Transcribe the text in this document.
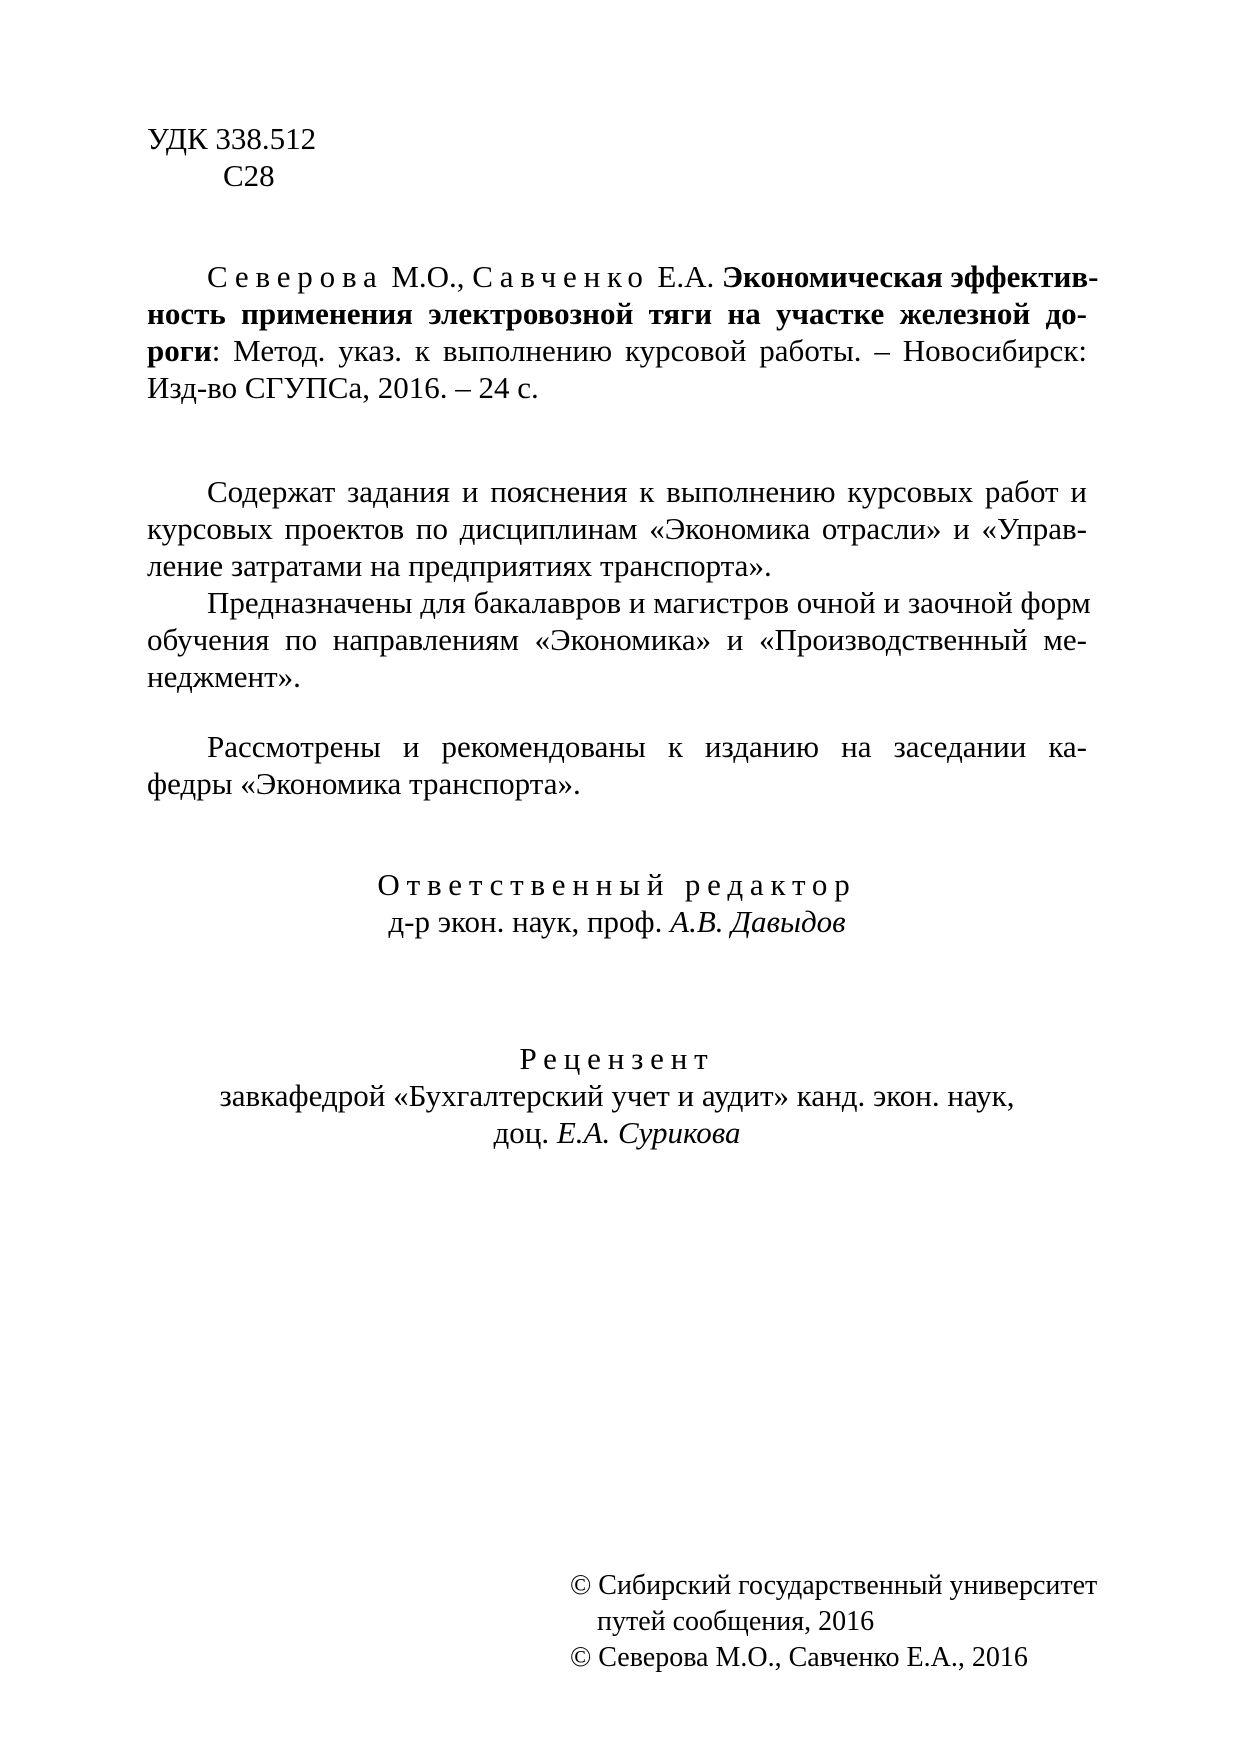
УДК 338.512
С28
Северова М.О., Савченко Е.А. Экономическая эффектив-
ность применения электровозной тяги на участке железной до-
роги: Метод. указ. к выполнению курсовой работы. – Новосибирск:
Изд-во СГУПСа, 2016. – 24 с.
Содержат задания и пояснения к выполнению курсовых работ и
курсовых проектов по дисциплинам «Экономика отрасли» и «Управ-
ление затратами на предприятиях транспорта».
Предназначены для бакалавров и магистров очной и заочной форм
обучения по направлениям «Экономика» и «Производственный ме-
неджмент».
Рассмотрены и рекомендованы к изданию на заседании ка-
федры «Экономика транспорта».
Ответственный редактор
д-р экон. наук, проф. А.В. Давыдов
Рецензент
завкафедрой «Бухгалтерский учет и аудит» канд. экон. наук,
доц. Е.А. Сурикова
© Сибирский государственный университет
путей сообщения, 2016
© Северова М.О., Савченко Е.А., 2016
